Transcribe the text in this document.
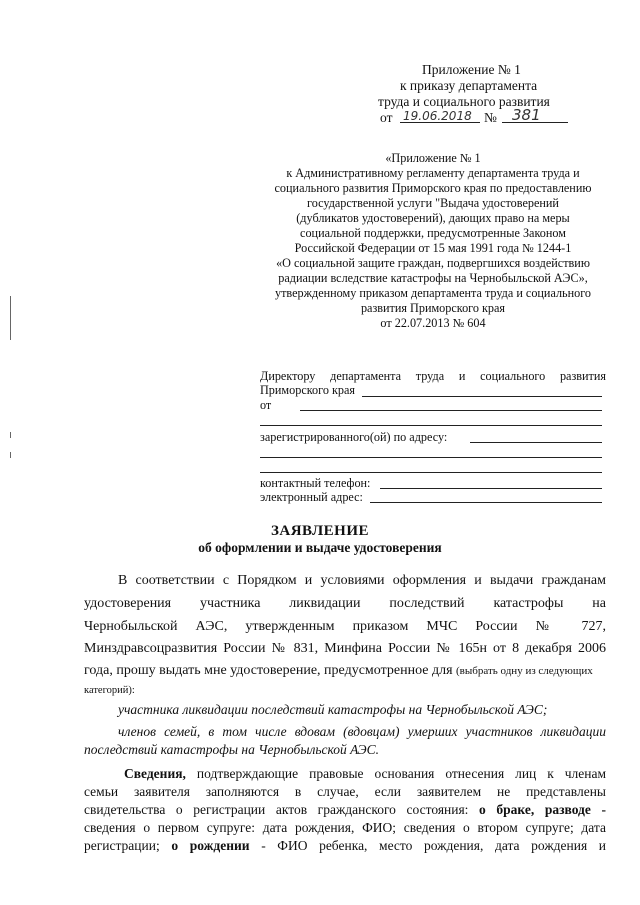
Приложение № 1
к приказу департамента
труда и социального развития
от 19.06.2018 № 381
«Приложение № 1
к Административному регламенту департамента труда и
социального развития Приморского края по предоставлению
государственной услуги "Выдача удостоверений
(дубликатов удостоверений), дающих право на меры
социальной поддержки, предусмотренные Законом
Российской Федерации от 15 мая 1991 года № 1244-1
«О социальной защите граждан, подвергшихся воздействию
радиации вследствие катастрофы на Чернобыльской АЭС»,
утвержденному приказом департамента труда и социального
развития Приморского края
от 22.07.2013 № 604
Директору департамента труда и социального развития
Приморского края
от
зарегистрированного(ой) по адресу:
контактный телефон:
электронный адрес:
ЗАЯВЛЕНИЕ
об оформлении и выдаче удостоверения
В соответствии с Порядком и условиями оформления и выдачи гражданам
удостоверения участника ликвидации последствий катастрофы на
Чернобыльской АЭС, утвержденным приказом МЧС России № 727,
Минздравсоцразвития России № 831, Минфина России № 165н от 8 декабря 2006
года, прошу выдать мне удостоверение, предусмотренное для (выбрать одну из следующих
категорий):
участника ликвидации последствий катастрофы на Чернобыльской АЭС;
членов семей, в том числе вдовам (вдовцам) умерших участников ликвидации
последствий катастрофы на Чернобыльской АЭС.
Сведения, подтверждающие правовые основания отнесения лиц к членам
семьи заявителя заполняются в случае, если заявителем не представлены
свидетельства о регистрации актов гражданского состояния: о браке, разводе -
сведения о первом супруге: дата рождения, ФИО; сведения о втором супруге; дата
регистрации; о рождении - ФИО ребенка, место рождения, дата рождения и
